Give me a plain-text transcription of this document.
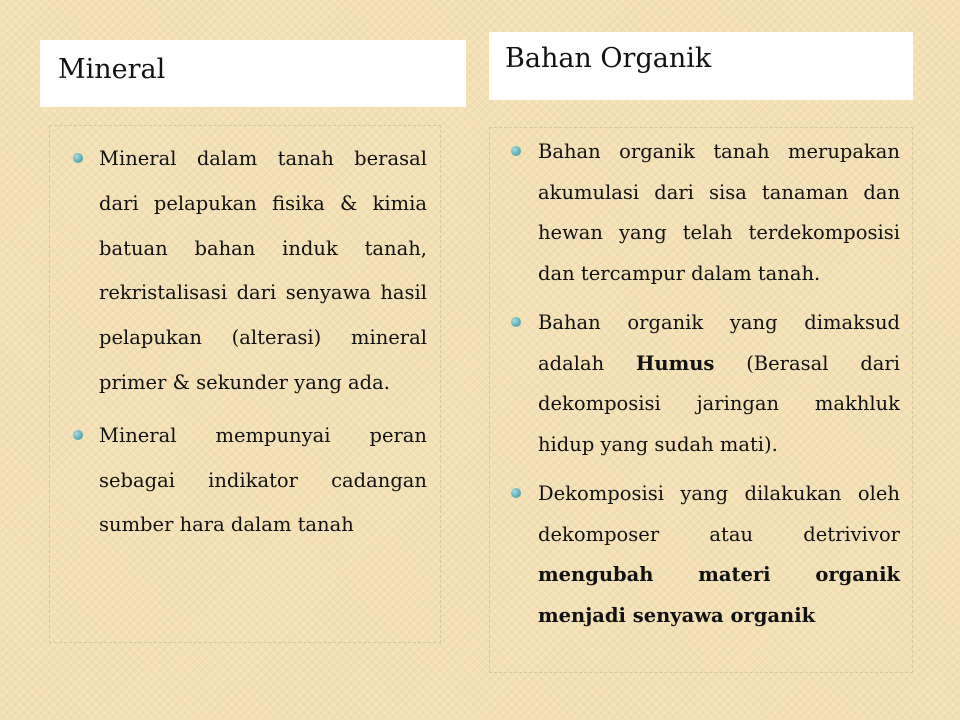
Mineral	Bahan Organik
Mineral dalam tanah berasal dari pelapukan fisika & kimia batuan bahan induk tanah, rekristalisasi dari senyawa hasil pelapukan (alterasi) mineral primer & sekunder yang ada.
Mineral mempunyai peran sebagai indikator cadangan sumber hara dalam tanah
Bahan organik tanah merupakan akumulasi dari sisa tanaman dan hewan yang telah terdekomposisi dan tercampur dalam tanah.
Bahan organik yang dimaksud adalah Humus (Berasal dari dekomposisi jaringan makhluk hidup yang sudah mati).
Dekomposisi yang dilakukan oleh dekomposer atau detrivivor mengubah materi organik menjadi senyawa organik
